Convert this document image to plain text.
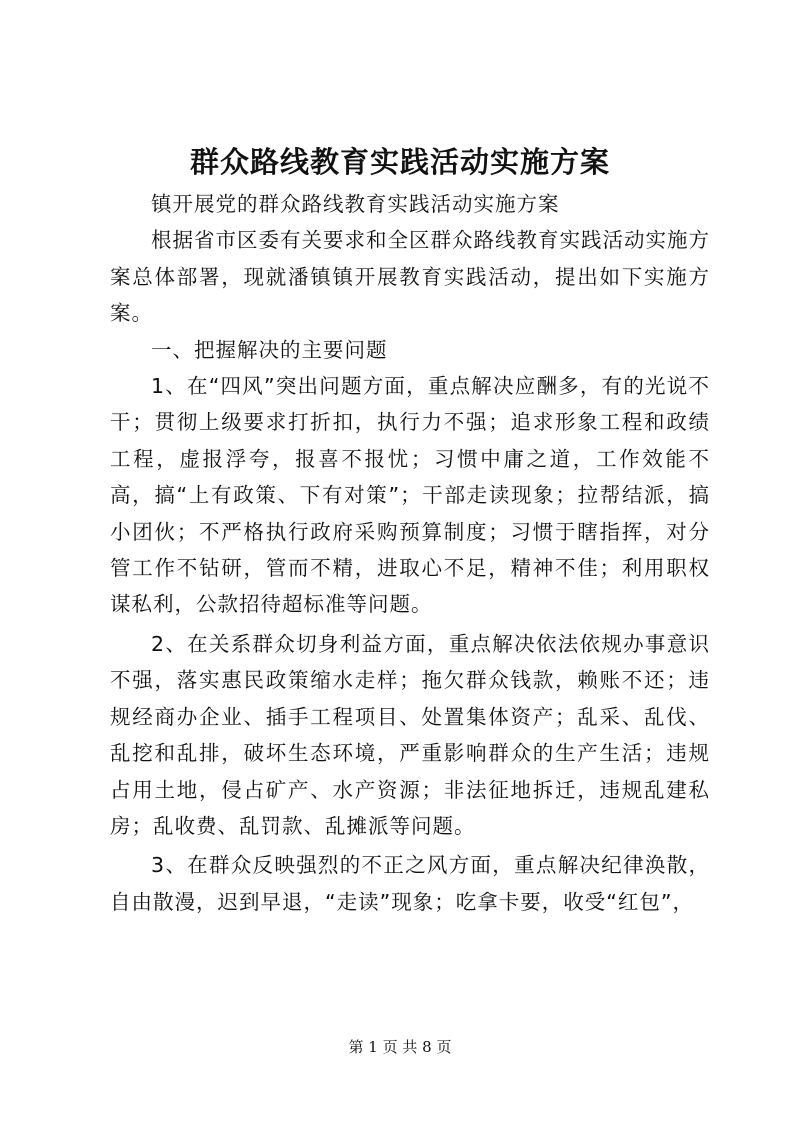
群众路线教育实践活动实施方案

镇开展党的群众路线教育实践活动实施方案

根据省市区委有关要求和全区群众路线教育实践活动实施方案总体部署，现就潘镇镇开展教育实践活动，提出如下实施方案。

一、把握解决的主要问题

1、在“四风”突出问题方面，重点解决应酬多，有的光说不干；贯彻上级要求打折扣，执行力不强；追求形象工程和政绩工程，虚报浮夸，报喜不报忧；习惯中庸之道，工作效能不高，搞“上有政策、下有对策”；干部走读现象；拉帮结派，搞小团伙；不严格执行政府采购预算制度；习惯于瞎指挥，对分管工作不钻研，管而不精，进取心不足，精神不佳；利用职权谋私利，公款招待超标准等问题。

2、在关系群众切身利益方面，重点解决依法依规办事意识不强，落实惠民政策缩水走样；拖欠群众钱款，赖账不还；违规经商办企业、插手工程项目、处置集体资产；乱采、乱伐、乱挖和乱排，破坏生态环境，严重影响群众的生产生活；违规占用土地，侵占矿产、水产资源；非法征地拆迁，违规乱建私房；乱收费、乱罚款、乱摊派等问题。

3、在群众反映强烈的不正之风方面，重点解决纪律涣散，自由散漫，迟到早退，“走读”现象；吃拿卡要，收受“红包”，

第 1 页 共 8 页
